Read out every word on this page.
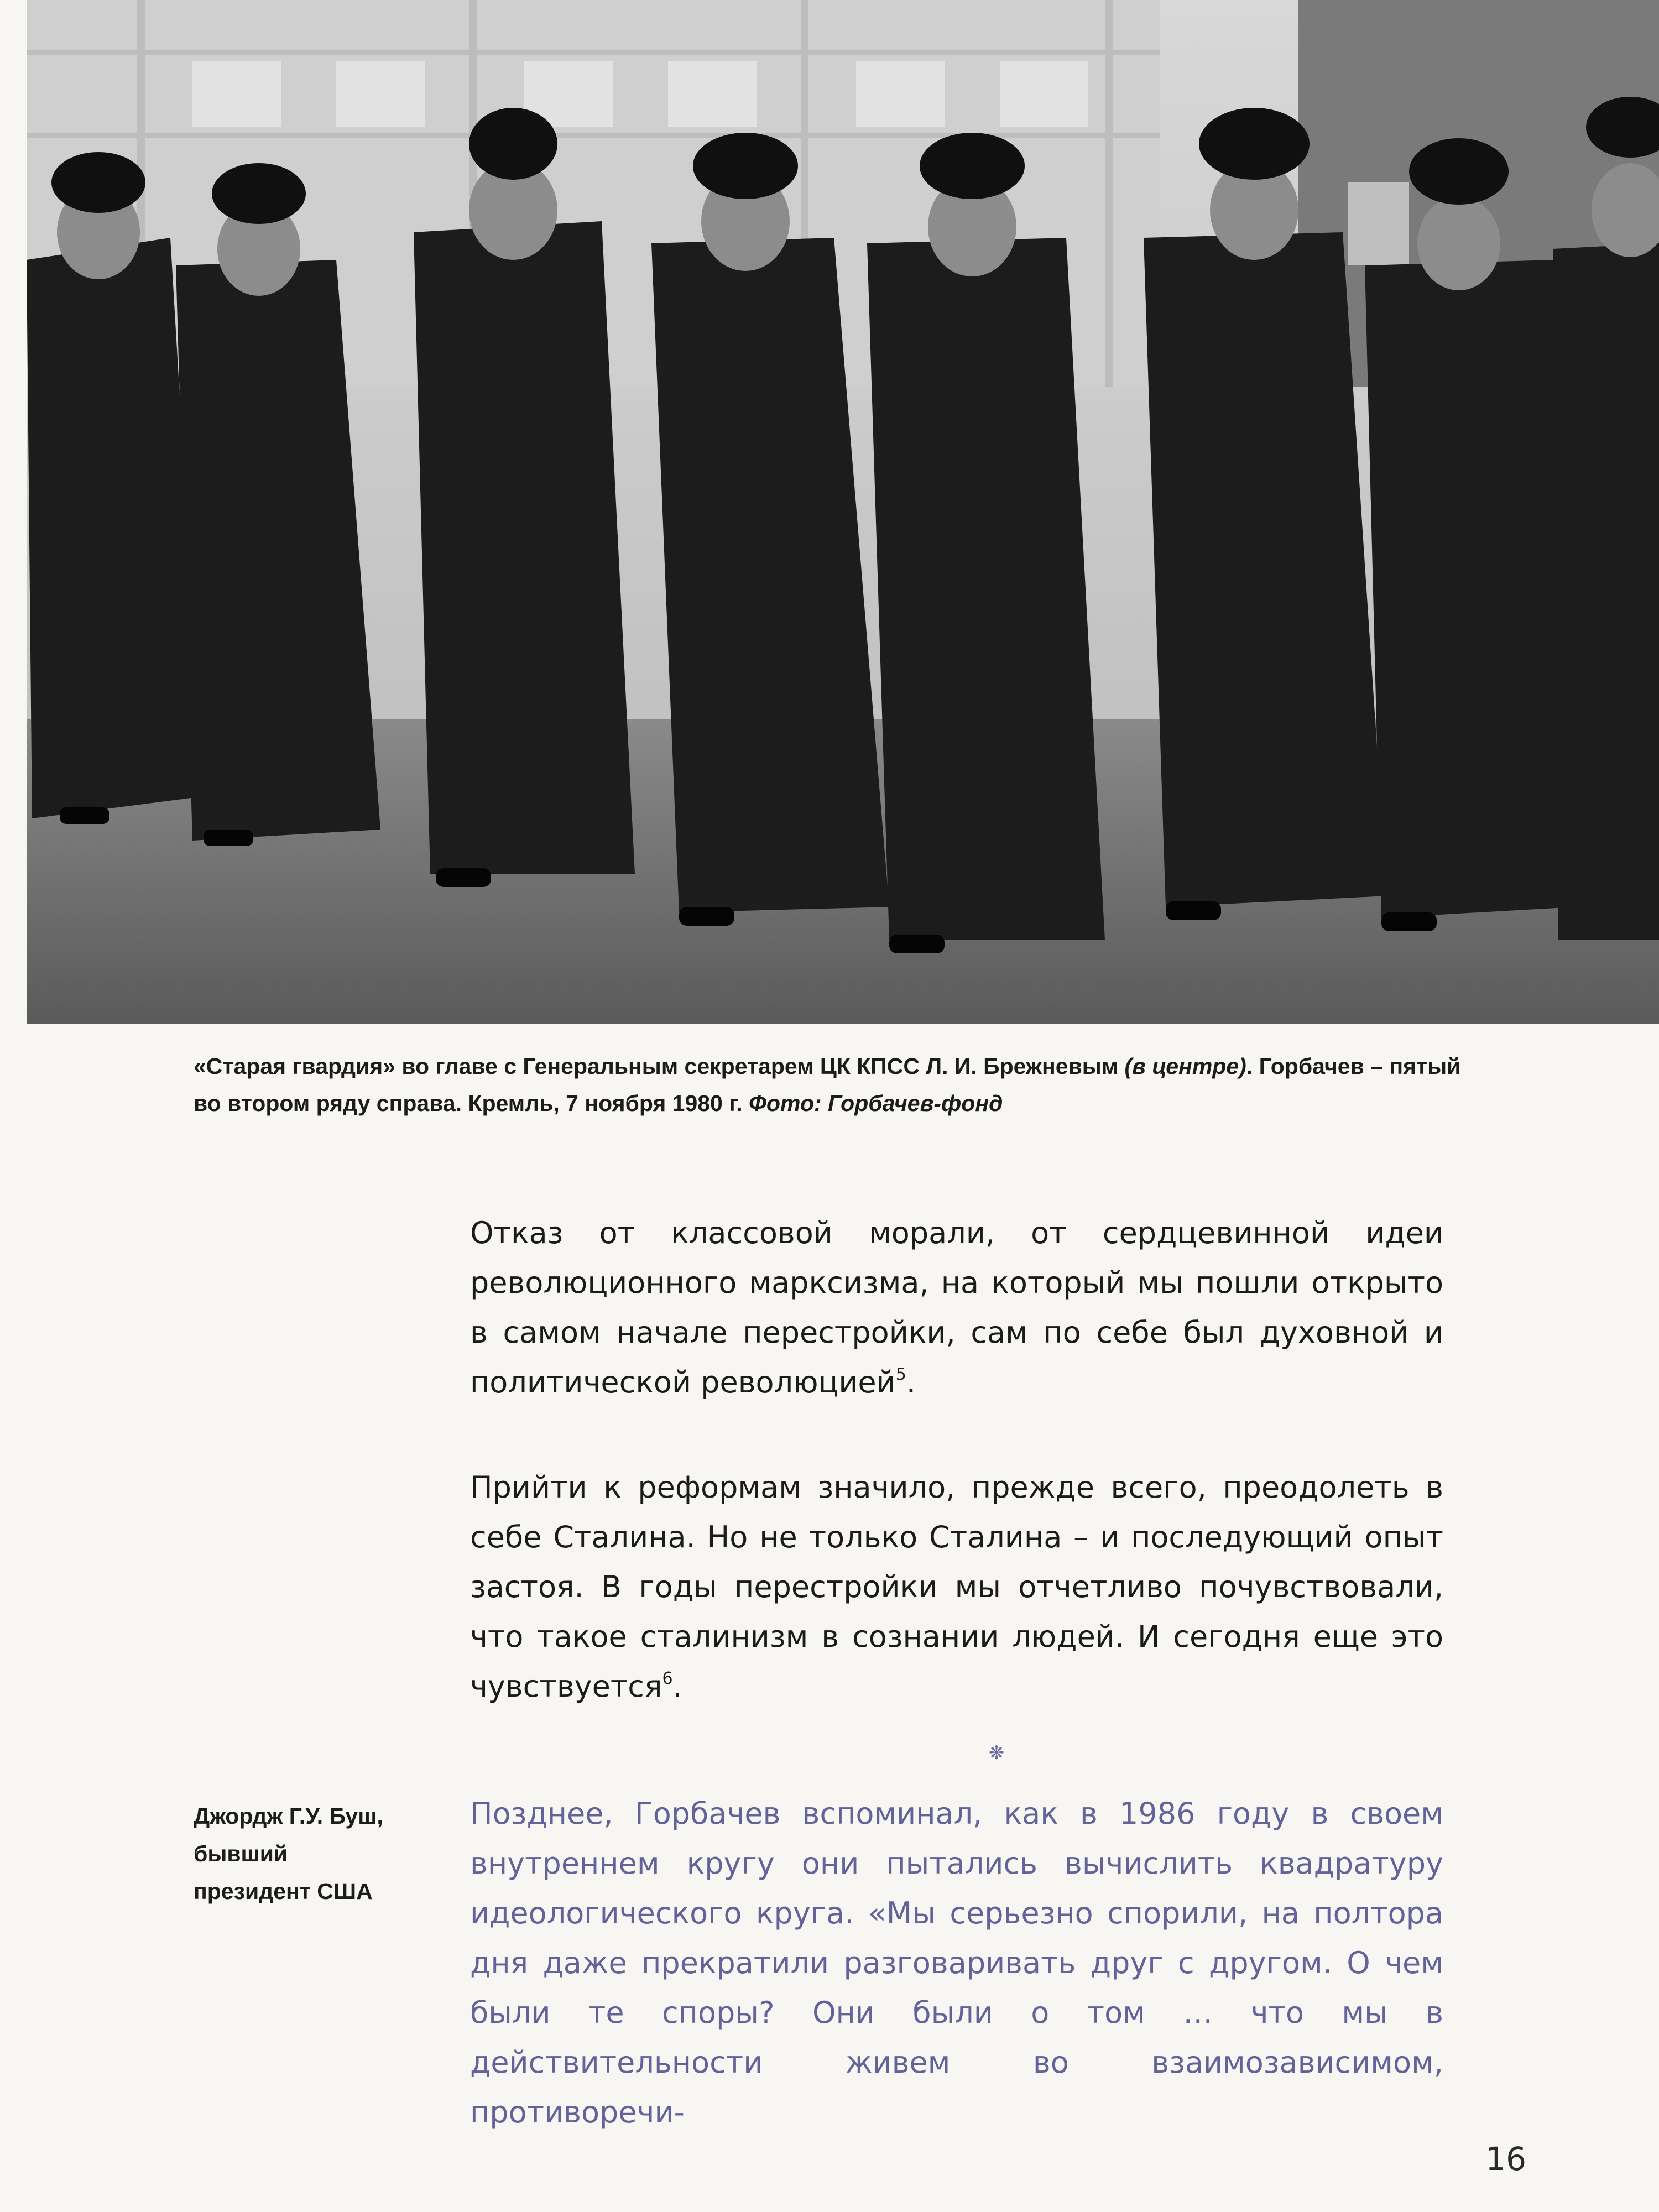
«Старая гвардия» во главе с Генеральным секретарем ЦК КПСС Л. И. Брежневым (в центре). Горбачев – пятый во втором ряду справа. Кремль, 7 ноября 1980 г. Фото: Горбачев-фонд

Отказ от классовой морали, от сердцевинной идеи революционного марксизма, на который мы пошли открыто в самом начале перестройки, сам по себе был духовной и политической революцией$^5$.

Прийти к реформам значило, прежде всего, преодолеть в себе Сталина. Но не только Сталина – и последующий опыт застоя. В годы перестройки мы отчетливо почувствовали, что такое сталинизм в сознании людей. И сегодня еще это чувствуется$^6$.

❋

Джордж Г.У. Буш,
бывший
президент США

Позднее, Горбачев вспоминал, как в 1986 году в своем внутреннем кругу они пытались вычислить квадратуру идеологического круга. «Мы серьезно спорили, на полтора дня даже прекратили разговаривать друг с другом. О чем были те споры? Они были о том … что мы в действительности живем во взаимозависимом, противоречи-

16
